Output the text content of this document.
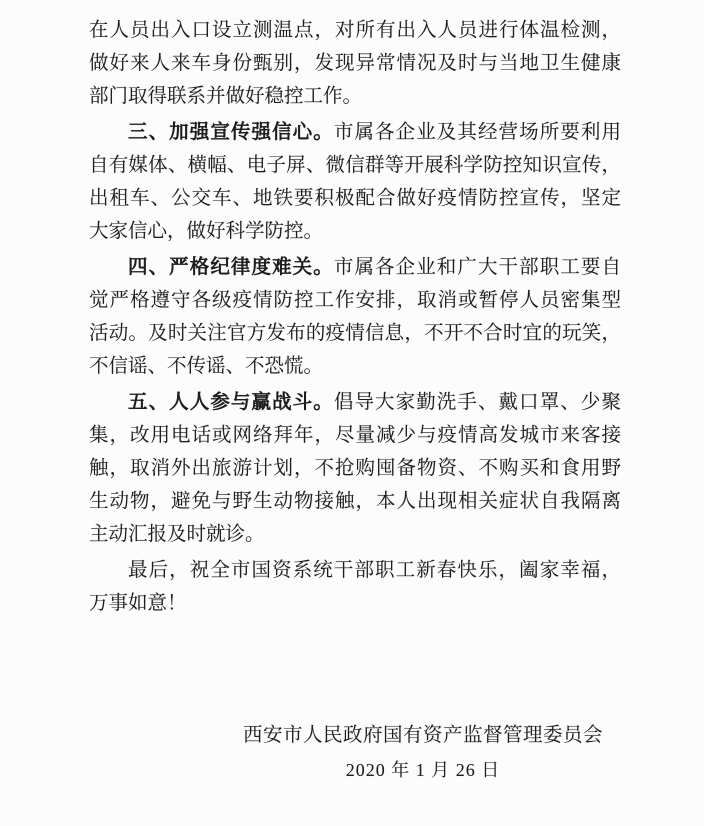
在人员出入口设立测温点，对所有出入人员进行体温检测，
做好来人来车身份甄别，发现异常情况及时与当地卫生健康
部门取得联系并做好稳控工作。
三、加强宣传强信心。市属各企业及其经营场所要利用
自有媒体、横幅、电子屏、微信群等开展科学防控知识宣传，
出租车、公交车、地铁要积极配合做好疫情防控宣传，坚定
大家信心，做好科学防控。
四、严格纪律度难关。市属各企业和广大干部职工要自
觉严格遵守各级疫情防控工作安排，取消或暂停人员密集型
活动。及时关注官方发布的疫情信息，不开不合时宜的玩笑，
不信谣、不传谣、不恐慌。
五、人人参与赢战斗。倡导大家勤洗手、戴口罩、少聚
集，改用电话或网络拜年，尽量减少与疫情高发城市来客接
触，取消外出旅游计划，不抢购囤备物资、不购买和食用野
生动物，避免与野生动物接触，本人出现相关症状自我隔离
主动汇报及时就诊。
最后，祝全市国资系统干部职工新春快乐，阖家幸福，
万事如意！
西安市人民政府国有资产监督管理委员会
2020 年 1 月 26 日
